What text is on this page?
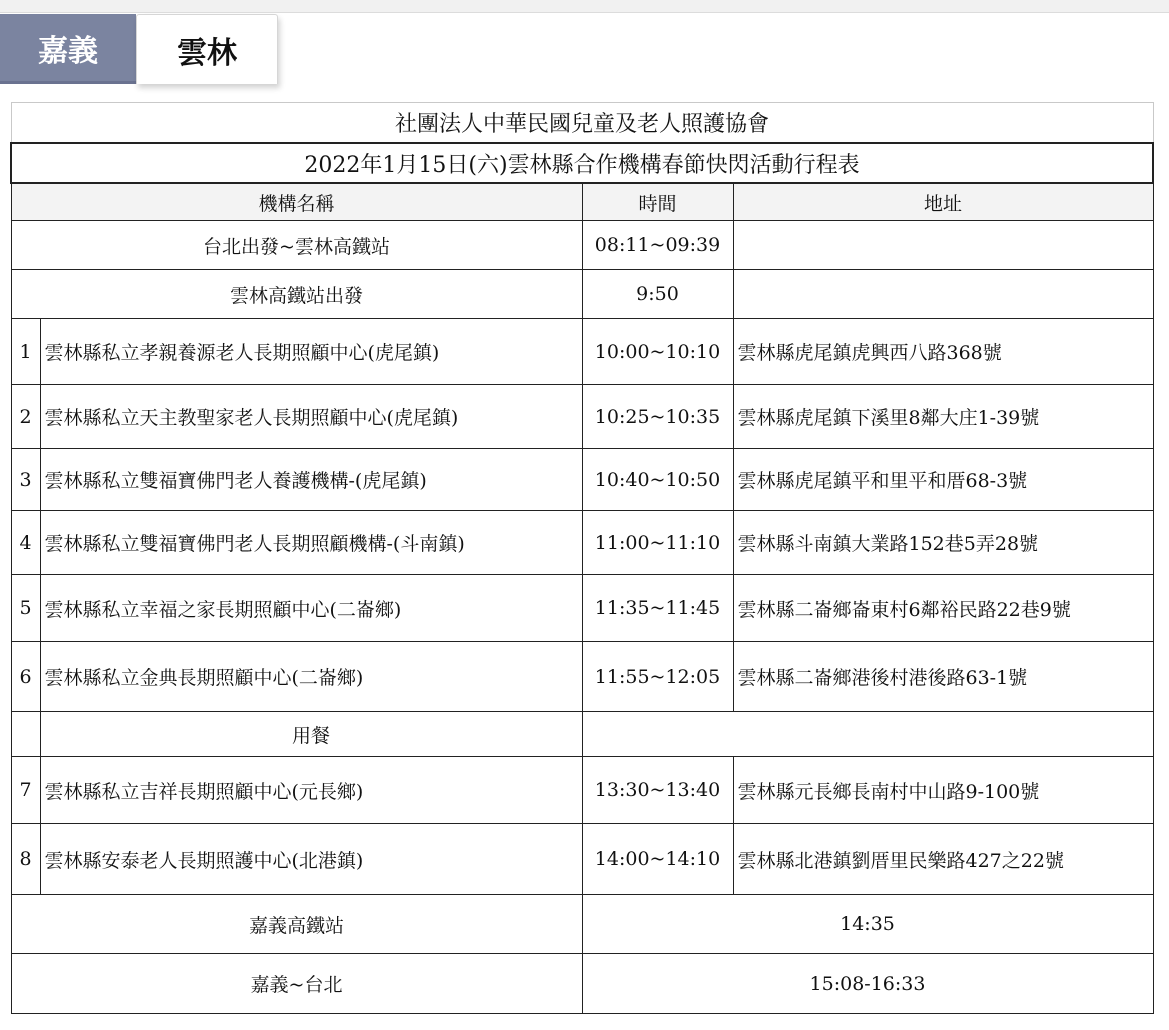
嘉義	雲林
社團法人中華民國兒童及老人照護協會			
2022年1月15日(六)雲林縣合作機構春節快閃活動行程表			
機構名稱		時間	地址
台北出發~雲林高鐵站		08:11~09:39	
雲林高鐵站出發		9:50	
1	雲林縣私立孝親養源老人長期照顧中心(虎尾鎮)	10:00~10:10	雲林縣虎尾鎮虎興西八路368號
2	雲林縣私立天主教聖家老人長期照顧中心(虎尾鎮)	10:25~10:35	雲林縣虎尾鎮下溪里8鄰大庄1-39號
3	雲林縣私立雙福寶佛門老人養護機構-(虎尾鎮)	10:40~10:50	雲林縣虎尾鎮平和里平和厝68-3號
4	雲林縣私立雙福寶佛門老人長期照顧機構-(斗南鎮)	11:00~11:10	雲林縣斗南鎮大業路152巷5弄28號
5	雲林縣私立幸福之家長期照顧中心(二崙鄉)	11:35~11:45	雲林縣二崙鄉崙東村6鄰裕民路22巷9號
6	雲林縣私立金典長期照顧中心(二崙鄉)	11:55~12:05	雲林縣二崙鄉港後村港後路63-1號
	用餐		
7	雲林縣私立吉祥長期照顧中心(元長鄉)	13:30~13:40	雲林縣元長鄉長南村中山路9-100號
8	雲林縣安泰老人長期照護中心(北港鎮)	14:00~14:10	雲林縣北港鎮劉厝里民樂路427之22號
嘉義高鐵站		14:35	
嘉義~台北		15:08-16:33	
